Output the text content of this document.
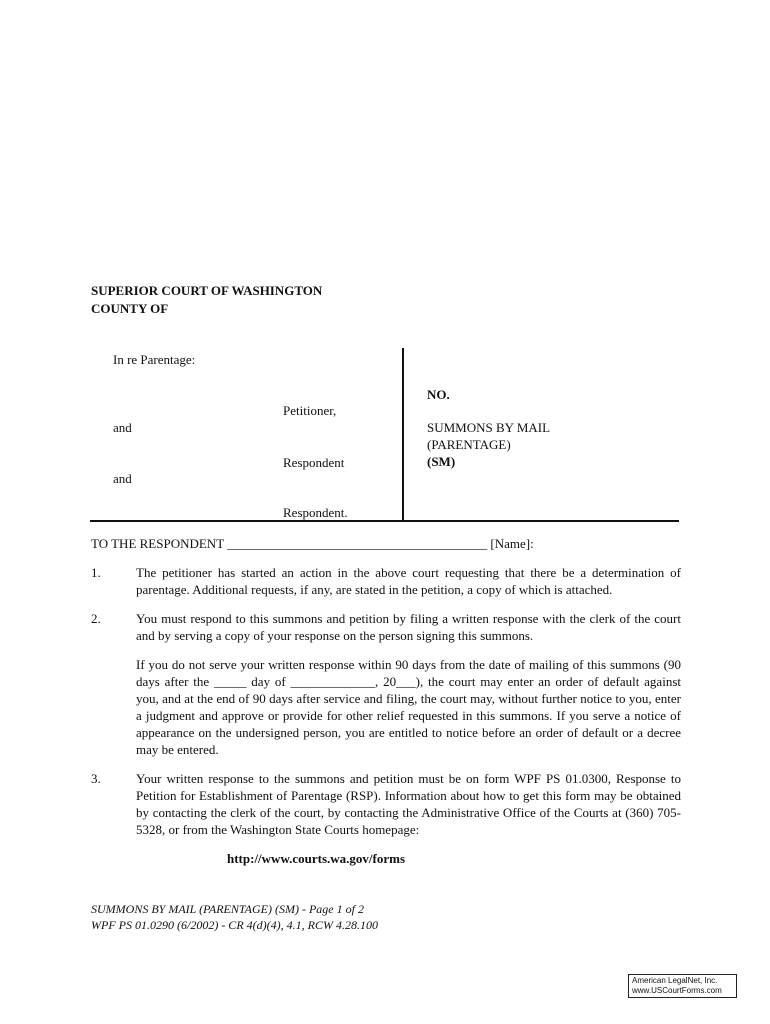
SUPERIOR COURT OF WASHINGTON
COUNTY OF
In re Parentage:
Petitioner,
and
Respondent
and
Respondent.
NO.
SUMMONS BY MAIL
(PARENTAGE)
(SM)
TO THE RESPONDENT ________________________________________ [Name]:
1.	The petitioner has started an action in the above court requesting that there be a determination of parentage. Additional requests, if any, are stated in the petition, a copy of which is attached.
2.	You must respond to this summons and petition by filing a written response with the clerk of the court and by serving a copy of your response on the person signing this summons.
If you do not serve your written response within 90 days from the date of mailing of this summons (90 days after the _____ day of _____________, 20___), the court may enter an order of default against you, and at the end of 90 days after service and filing, the court may, without further notice to you, enter a judgment and approve or provide for other relief requested in this summons. If you serve a notice of appearance on the undersigned person, you are entitled to notice before an order of default or a decree may be entered.
3.	Your written response to the summons and petition must be on form WPF PS 01.0300, Response to Petition for Establishment of Parentage (RSP). Information about how to get this form may be obtained by contacting the clerk of the court, by contacting the Administrative Office of the Courts at (360) 705-5328, or from the Washington State Courts homepage:
http://www.courts.wa.gov/forms
SUMMONS BY MAIL (PARENTAGE) (SM) - Page 1 of 2
WPF PS 01.0290 (6/2002) - CR 4(d)(4), 4.1, RCW 4.28.100
American LegalNet, Inc.
www.USCourtForms.com
